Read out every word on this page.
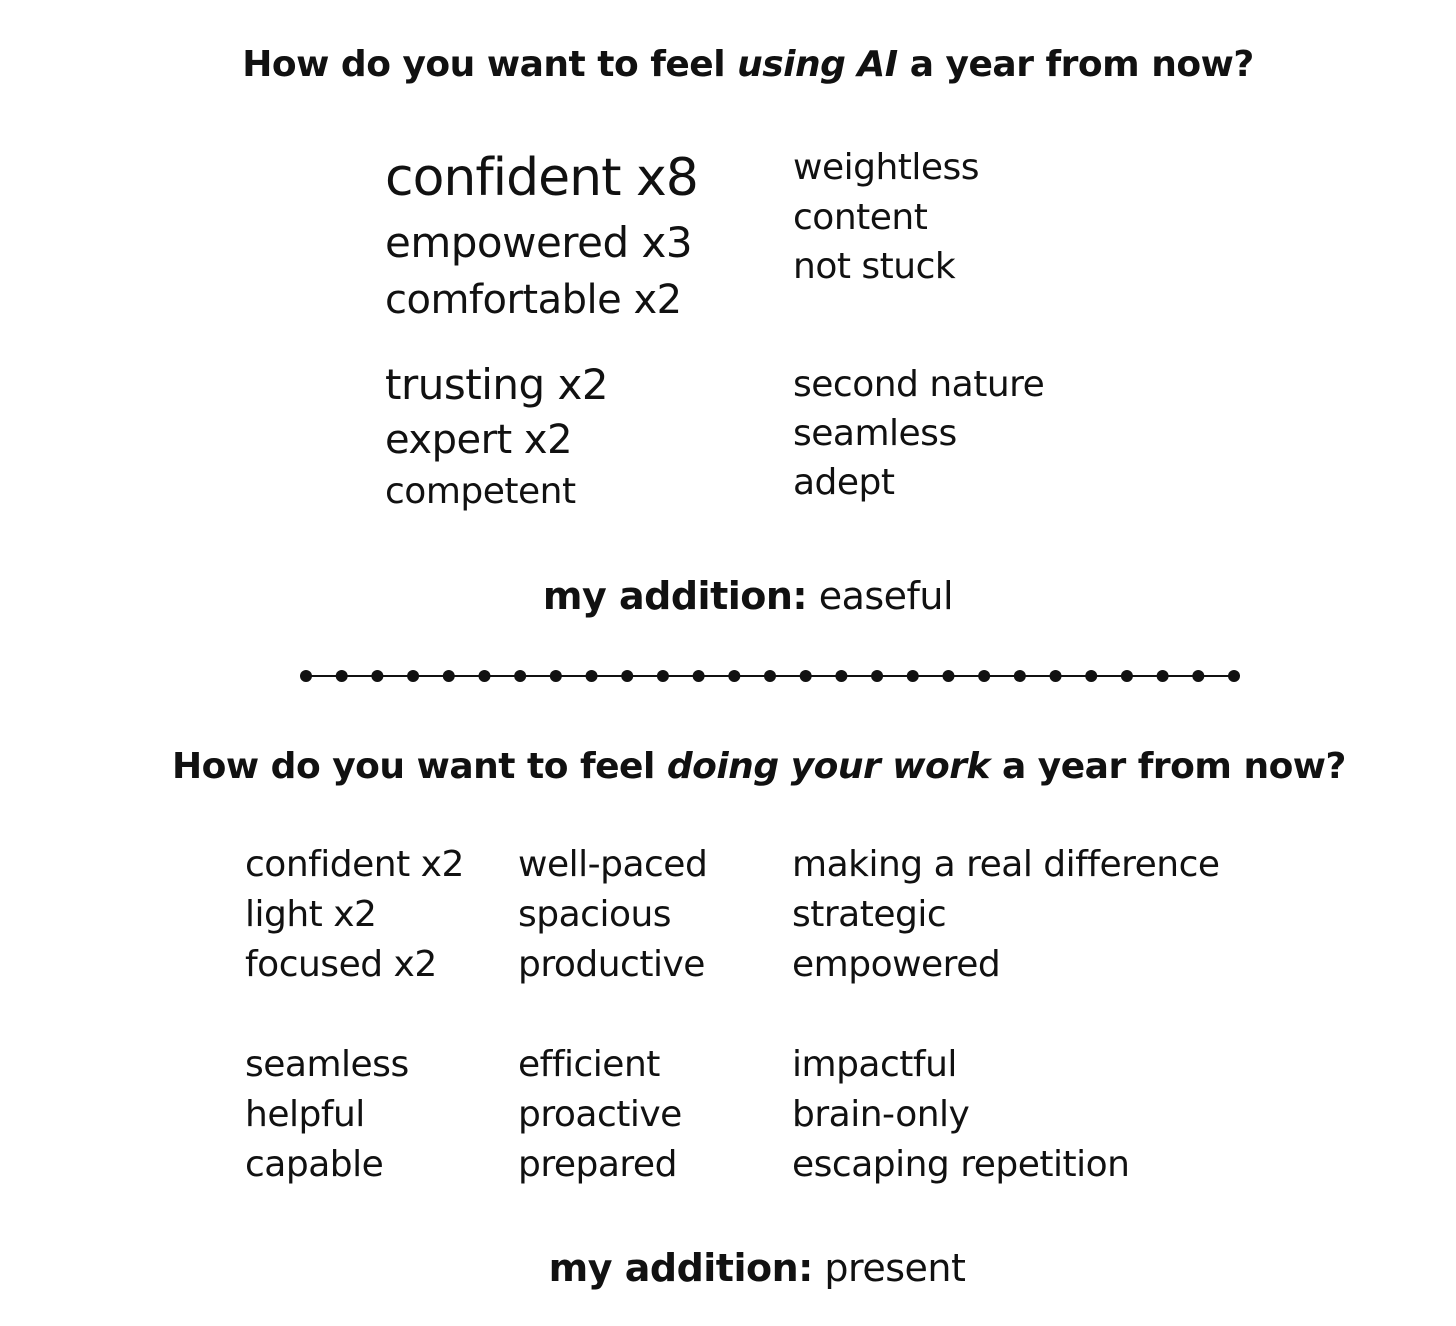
How do you want to feel using AI a year from now?
confident x8
empowered x3
comfortable x2
trusting x2
expert x2
competent
weightless
content
not stuck
second nature
seamless
adept
my addition: easeful
How do you want to feel doing your work a year from now?
confident x2
light x2
focused x2
seamless
helpful
capable
well-paced
spacious
productive
efficient
proactive
prepared
making a real difference
strategic
empowered
impactful
brain-only
escaping repetition
my addition: present
